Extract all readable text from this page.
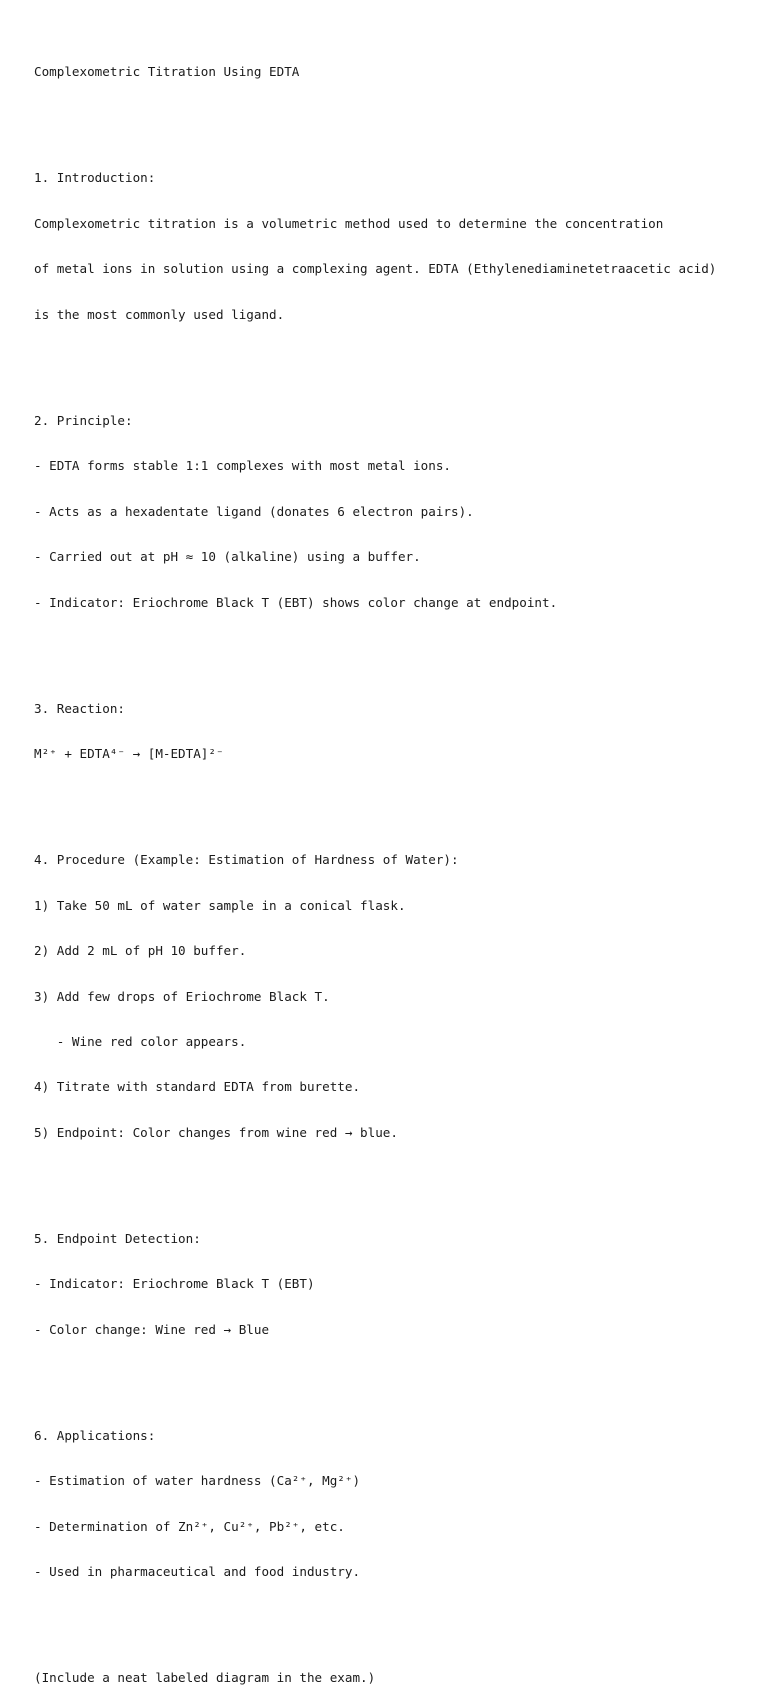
Complexometric Titration Using EDTA

1. Introduction:

Complexometric titration is a volumetric method used to determine the concentration

of metal ions in solution using a complexing agent. EDTA (Ethylenediaminetetraacetic acid)

is the most commonly used ligand.

2. Principle:

- EDTA forms stable 1:1 complexes with most metal ions.

- Acts as a hexadentate ligand (donates 6 electron pairs).

- Carried out at pH ≈ 10 (alkaline) using a buffer.

- Indicator: Eriochrome Black T (EBT) shows color change at endpoint.

3. Reaction:

M²⁺ + EDTA⁴⁻ → [M-EDTA]²⁻

4. Procedure (Example: Estimation of Hardness of Water):

1) Take 50 mL of water sample in a conical flask.

2) Add 2 mL of pH 10 buffer.

3) Add few drops of Eriochrome Black T.

- Wine red color appears.

4) Titrate with standard EDTA from burette.

5) Endpoint: Color changes from wine red → blue.

5. Endpoint Detection:

- Indicator: Eriochrome Black T (EBT)

- Color change: Wine red → Blue

6. Applications:

- Estimation of water hardness (Ca²⁺, Mg²⁺)

- Determination of Zn²⁺, Cu²⁺, Pb²⁺, etc.

- Used in pharmaceutical and food industry.

(Include a neat labeled diagram in the exam.)
